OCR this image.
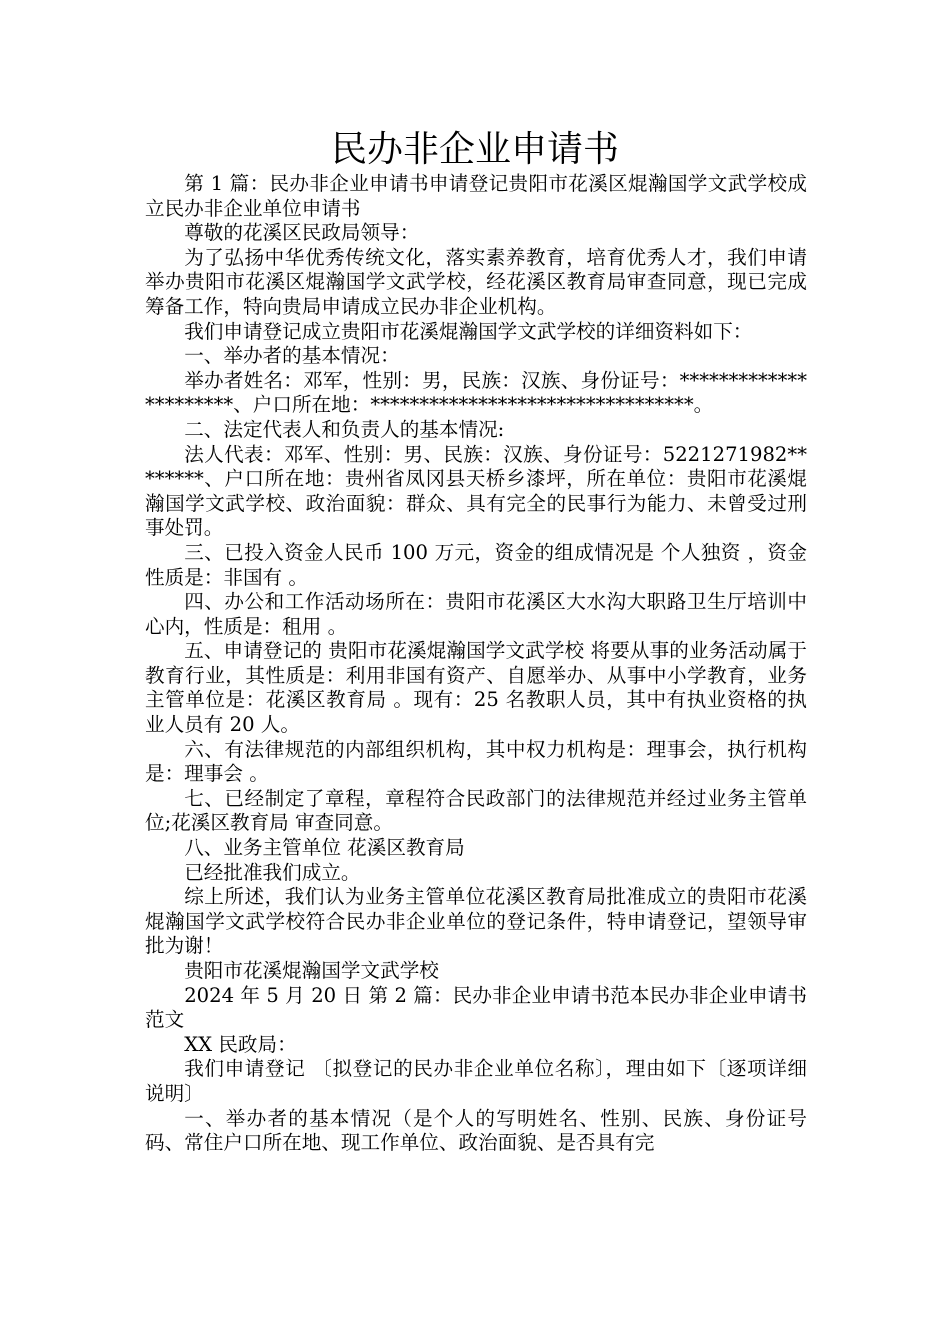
民办非企业申请书

第 1 篇：民办非企业申请书申请登记贵阳市花溪区焜瀚国学文武学校成立民办非企业单位申请书

尊敬的花溪区民政局领导：

为了弘扬中华优秀传统文化，落实素养教育，培育优秀人才，我们申请举办贵阳市花溪区焜瀚国学文武学校，经花溪区教育局审查同意，现已完成筹备工作，特向贵局申请成立民办非企业机构。

我们申请登记成立贵阳市花溪焜瀚国学文武学校的详细资料如下：

一、举办者的基本情况：

举办者姓名：邓军，性别：男，民族：汉族、身份证号：**********************、户口所在地：*********************************。

二、法定代表人和负责人的基本情况:

法人代表：邓军、性别：男、民族：汉族、身份证号：5221271982********、户口所在地：贵州省凤冈县天桥乡漆坪，所在单位：贵阳市花溪焜瀚国学文武学校、政治面貌：群众、具有完全的民事行为能力、未曾受过刑事处罚。

三、已投入资金人民币 100 万元，资金的组成情况是 个人独资 ，资金性质是：非国有 。

四、办公和工作活动场所在：贵阳市花溪区大水沟大职路卫生厅培训中心内，性质是：租用 。

五、申请登记的 贵阳市花溪焜瀚国学文武学校 将要从事的业务活动属于教育行业，其性质是：利用非国有资产、自愿举办、从事中小学教育，业务主管单位是：花溪区教育局 。现有：25 名教职人员，其中有执业资格的执业人员有 20 人。

六、有法律规范的内部组织机构，其中权力机构是：理事会，执行机构是：理事会 。

七、已经制定了章程，章程符合民政部门的法律规范并经过业务主管单位;花溪区教育局 审查同意。

八、业务主管单位 花溪区教育局

已经批准我们成立。

综上所述，我们认为业务主管单位花溪区教育局批准成立的贵阳市花溪焜瀚国学文武学校符合民办非企业单位的登记条件，特申请登记，望领导审批为谢！

贵阳市花溪焜瀚国学文武学校

2024 年 5 月 20 日 第 2 篇：民办非企业申请书范本民办非企业申请书范文

XX 民政局：

我们申请登记 〔拟登记的民办非企业单位名称〕，理由如下〔逐项详细说明〕

一、举办者的基本情况（是个人的写明姓名、性别、民族、身份证号码、常住户口所在地、现工作单位、政治面貌、是否具有完
